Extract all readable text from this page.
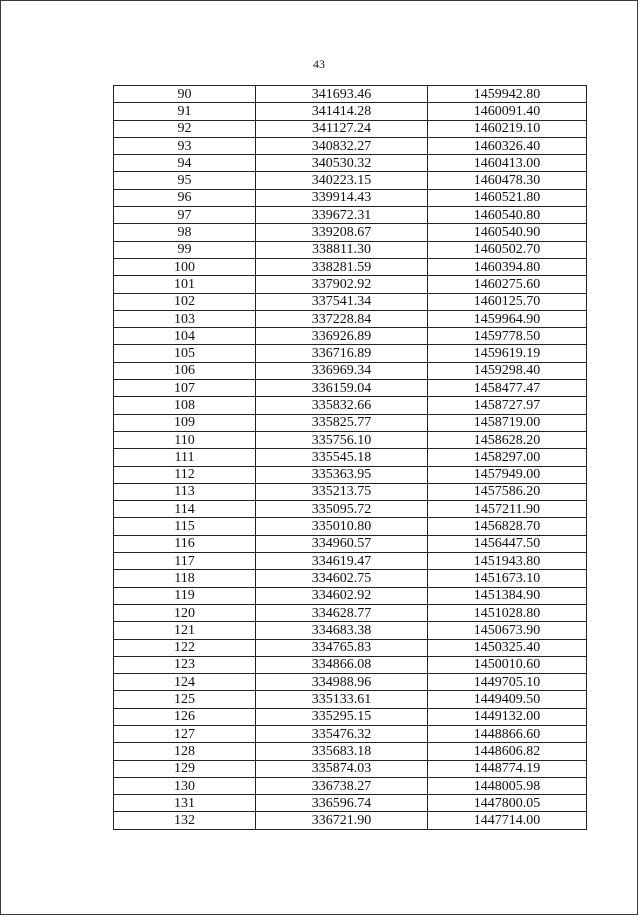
43
90	341693.46	1459942.80
91	341414.28	1460091.40
92	341127.24	1460219.10
93	340832.27	1460326.40
94	340530.32	1460413.00
95	340223.15	1460478.30
96	339914.43	1460521.80
97	339672.31	1460540.80
98	339208.67	1460540.90
99	338811.30	1460502.70
100	338281.59	1460394.80
101	337902.92	1460275.60
102	337541.34	1460125.70
103	337228.84	1459964.90
104	336926.89	1459778.50
105	336716.89	1459619.19
106	336969.34	1459298.40
107	336159.04	1458477.47
108	335832.66	1458727.97
109	335825.77	1458719.00
110	335756.10	1458628.20
111	335545.18	1458297.00
112	335363.95	1457949.00
113	335213.75	1457586.20
114	335095.72	1457211.90
115	335010.80	1456828.70
116	334960.57	1456447.50
117	334619.47	1451943.80
118	334602.75	1451673.10
119	334602.92	1451384.90
120	334628.77	1451028.80
121	334683.38	1450673.90
122	334765.83	1450325.40
123	334866.08	1450010.60
124	334988.96	1449705.10
125	335133.61	1449409.50
126	335295.15	1449132.00
127	335476.32	1448866.60
128	335683.18	1448606.82
129	335874.03	1448774.19
130	336738.27	1448005.98
131	336596.74	1447800.05
132	336721.90	1447714.00
